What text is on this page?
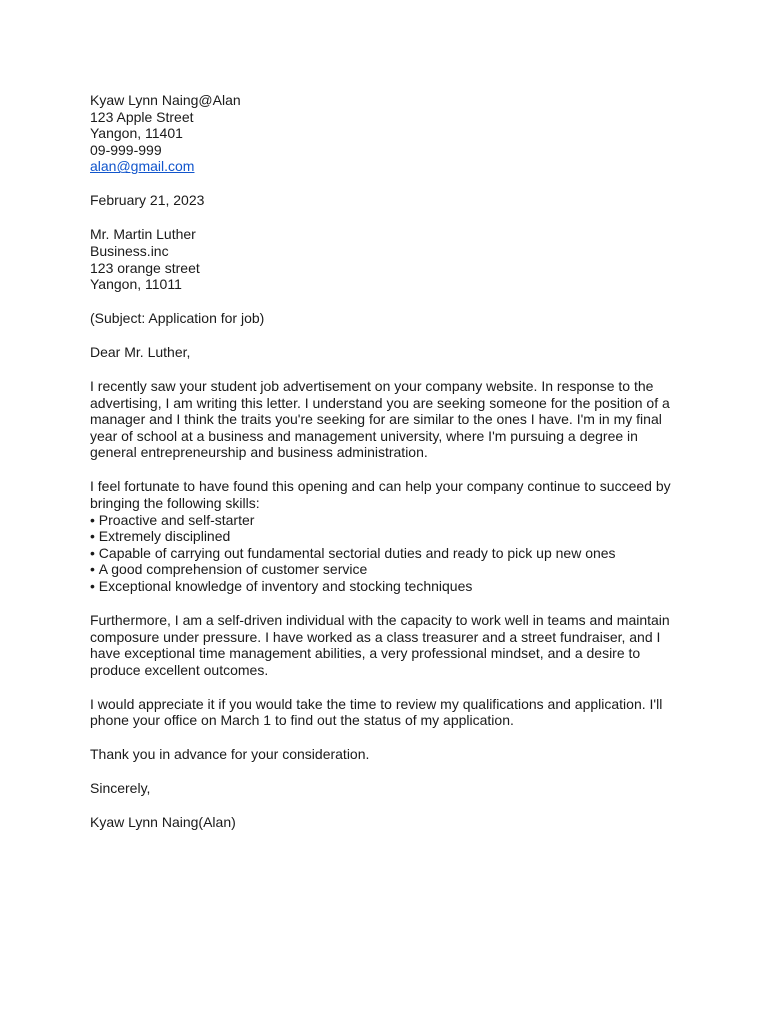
Kyaw Lynn Naing@Alan
123 Apple Street
Yangon, 11401
09-999-999
alan@gmail.com
February 21, 2023
Mr. Martin Luther
Business.inc
123 orange street
Yangon, 11011
(Subject: Application for job)
Dear Mr. Luther,
I recently saw your student job advertisement on your company website. In response to the
advertising, I am writing this letter. I understand you are seeking someone for the position of a
manager and I think the traits you're seeking for are similar to the ones I have. I'm in my final
year of school at a business and management university, where I'm pursuing a degree in
general entrepreneurship and business administration.
I feel fortunate to have found this opening and can help your company continue to succeed by
bringing the following skills:
• Proactive and self-starter
• Extremely disciplined
• Capable of carrying out fundamental sectorial duties and ready to pick up new ones
• A good comprehension of customer service
• Exceptional knowledge of inventory and stocking techniques
Furthermore, I am a self-driven individual with the capacity to work well in teams and maintain
composure under pressure. I have worked as a class treasurer and a street fundraiser, and I
have exceptional time management abilities, a very professional mindset, and a desire to
produce excellent outcomes.
I would appreciate it if you would take the time to review my qualifications and application. I'll
phone your office on March 1 to find out the status of my application.
Thank you in advance for your consideration.
Sincerely,
Kyaw Lynn Naing(Alan)
